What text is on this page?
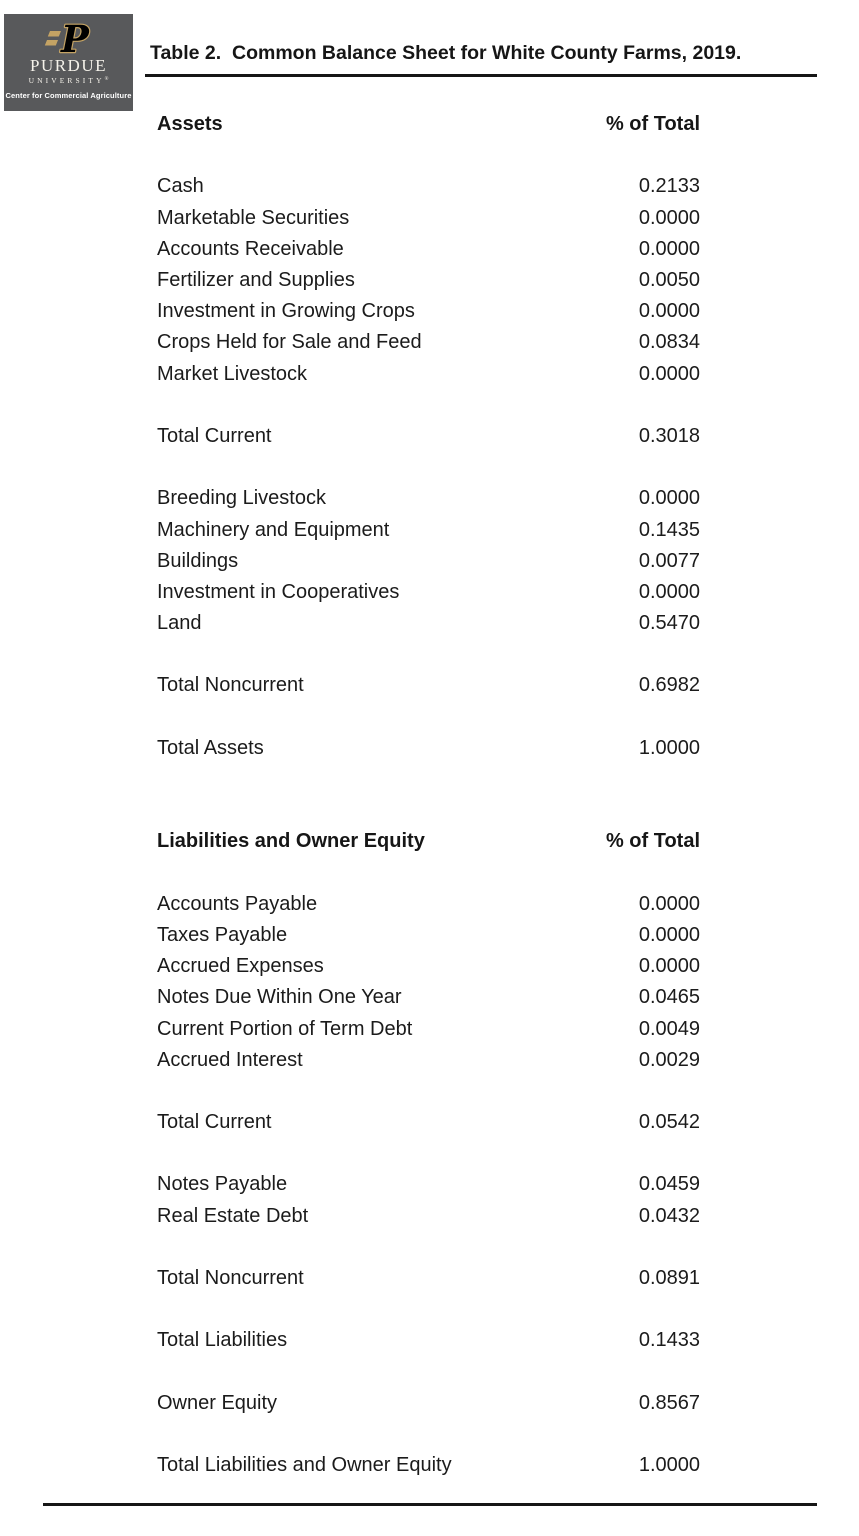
P
PURDUE
UNIVERSITY®
Center for Commercial Agriculture
Table 2.  Common Balance Sheet for White County Farms, 2019.
Assets	% of Total
Cash	0.2133
Marketable Securities	0.0000
Accounts Receivable	0.0000
Fertilizer and Supplies	0.0050
Investment in Growing Crops	0.0000
Crops Held for Sale and Feed	0.0834
Market Livestock	0.0000
Total Current	0.3018
Breeding Livestock	0.0000
Machinery and Equipment	0.1435
Buildings	0.0077
Investment in Cooperatives	0.0000
Land	0.5470
Total Noncurrent	0.6982
Total Assets	1.0000
Liabilities and Owner Equity	% of Total
Accounts Payable	0.0000
Taxes Payable	0.0000
Accrued Expenses	0.0000
Notes Due Within One Year	0.0465
Current Portion of Term Debt	0.0049
Accrued Interest	0.0029
Total Current	0.0542
Notes Payable	0.0459
Real Estate Debt	0.0432
Total Noncurrent	0.0891
Total Liabilities	0.1433
Owner Equity	0.8567
Total Liabilities and Owner Equity	1.0000
